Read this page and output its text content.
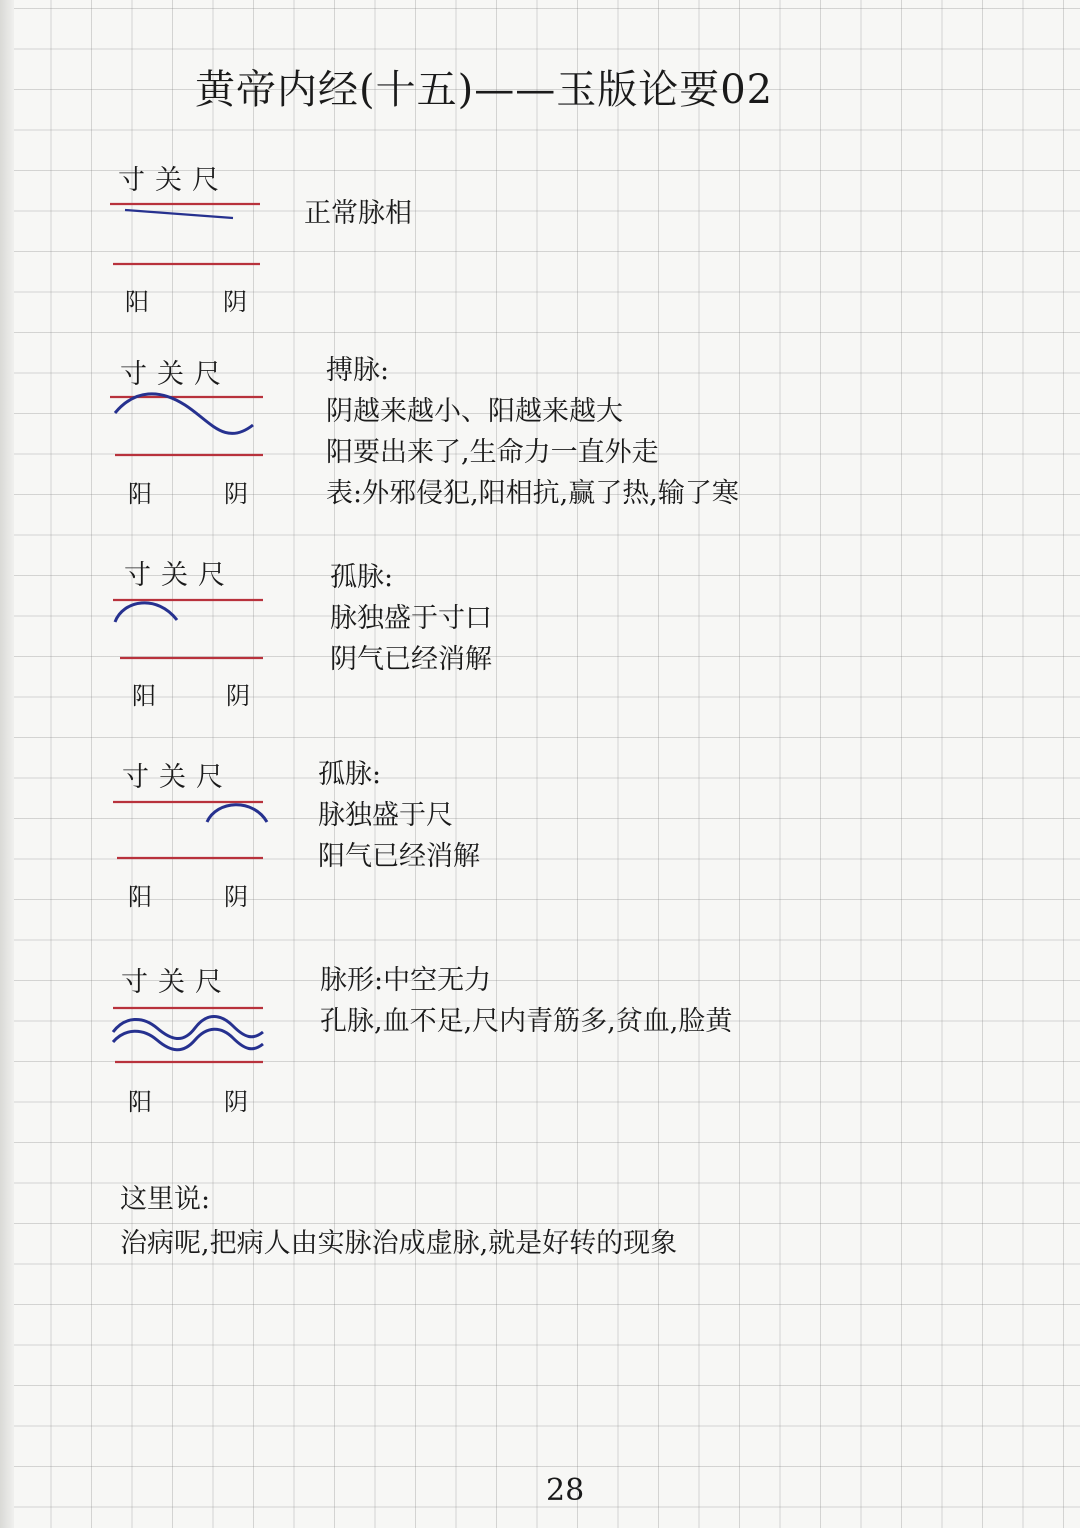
黄帝内经(十五)——玉版论要02
寸关尺
阳	阴
正常脉相
寸关尺
阳	阴
搏脉:
阴越来越小、阳越来越大
阳要出来了,生命力一直外走
表:外邪侵犯,阳相抗,赢了热,输了寒
寸关尺
阳	阴
孤脉:
脉独盛于寸口
阴气已经消解
寸关尺
阳	阴
孤脉:
脉独盛于尺
阳气已经消解
寸关尺
阳	阴
脉形:中空无力
孔脉,血不足,尺内青筋多,贫血,脸黄
这里说:
治病呢,把病人由实脉治成虚脉,就是好转的现象
28
